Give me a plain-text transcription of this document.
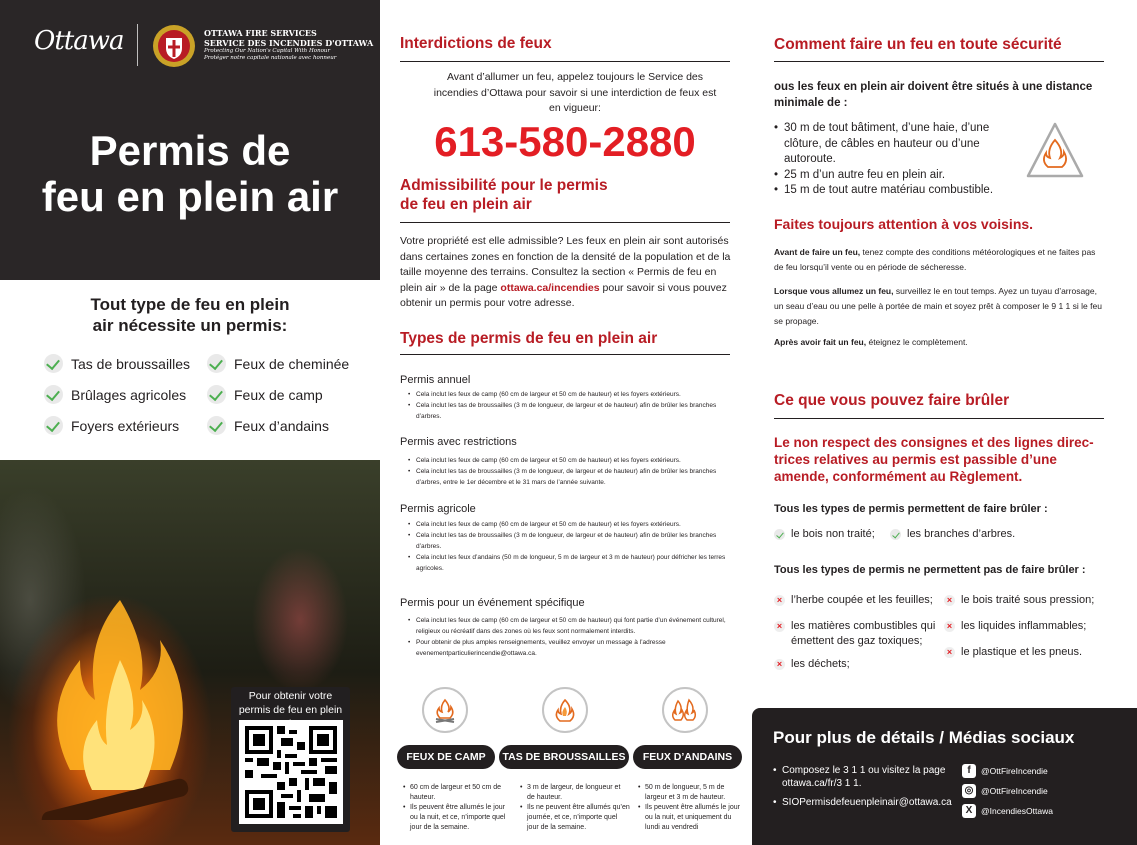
Ottawa	OTTAWA FIRE SERVICES
SERVICE DES INCENDIES D'OTTAWA
Protecting Our Nation's Capital With Honour
Protéger notre capitale nationale avec honneur
Permis de
feu en plein air
Tout type de feu en plein
air nécessite un permis:
Tas de broussailles
Brûlages agricoles
Foyers extérieurs
Feux de cheminée
Feux de camp
Feux d’andains
Pour obtenir votre permis de feu en plein
Interdictions de feux
Avant d’allumer un feu, appelez toujours le Service des incendies d’Ottawa pour savoir si une interdiction de feux est en vigueur:
613-580-2880
Admissibilité pour le permis
de feu en plein air
Votre propriété est elle admissible? Les feux en plein air sont autorisés dans certaines zones en fonction de la densité de la population et de la taille moyenne des terrains. Consultez la section « Permis de feu en plein air » de la page ottawa.ca/incendies pour savoir si vous pouvez obtenir un permis pour votre adresse.
Types de permis de feu en plein air
Permis annuel

• Cela inclut les feux de camp (60 cm de largeur et 50 cm de hauteur) et les foyers extérieurs.

• Cela inclut les tas de broussailles (3 m de longueur, de largeur et de hauteur) afin de brûler les branches d’arbres.

Permis avec restrictions

• Cela inclut les feux de camp (60 cm de largeur et 50 cm de hauteur) et les foyers extérieurs.

• Cela inclut les tas de broussailles (3 m de longueur, de largeur et de hauteur) afin de brûler les branches d’arbres, entre le 1er décembre et le 31 mars de l’année suivante.

Permis agricole

• Cela inclut les feux de camp (60 cm de largeur et 50 cm de hauteur) et les foyers extérieurs.

• Cela inclut les tas de broussailles (3 m de longueur, de largeur et de hauteur) afin de brûler les branches d’arbres.

• Cela inclut les feux d’andains (50 m de longueur, 5 m de largeur et 3 m de hauteur) pour défricher les terres agricoles.

Permis pour un événement spécifique

• Cela inclut les feux de camp (60 cm de largeur et 50 cm de hauteur) qui font partie d’un événement culturel, religieux ou récréatif dans des zones où les feux sont normalement interdits.

• Pour obtenir de plus amples renseignements, veuillez envoyer un message à l’adresse evenementparticulierincendie@ottawa.ca.

FEUX DE CAMP	TAS DE BROUSSAILLES	FEUX D’ANDAINS

• 60 cm de largeur et 50 cm de hauteur.

• Ils peuvent être allumés le jour ou la nuit, et ce, n’importe quel jour de la semaine.

• 3 m de largeur, de longueur et de hauteur.

• Ils ne peuvent être allumés qu’en journée, et ce, n’importe quel jour de la semaine.

• 50 m de longueur, 5 m de largeur et 3 m de hauteur.

• Ils peuvent être allumés le jour ou la nuit, et uniquement du lundi au vendredi

Comment faire un feu en toute sécurité
ous les feux en plein air doivent être situés à une distance minimale de :

• 30 m de tout bâtiment, d’une haie, d’une clôture, de câbles en hauteur ou d’une autoroute.

• 25 m d’un autre feu en plein air.

• 15 m de tout autre matériau combustible.

Faites toujours attention à vos voisins.
Avant de faire un feu, tenez compte des conditions météorologiques et ne faites pas de feu lorsqu’il vente ou en période de sécheresse.
Lorsque vous allumez un feu, surveillez le en tout temps. Ayez un tuyau d’arrosage, un seau d’eau ou une pelle à portée de main et soyez prêt à composer le 9 1 1 si le feu se propage.
Après avoir fait un feu, éteignez le complètement.
Ce que vous pouvez faire brûler
Le non respect des consignes et des lignes direc- trices relatives au permis est passible d’une amende, conformément au Règlement.
Tous les types de permis permettent de faire brûler :
le bois non traité;	les branches d’arbres.
Tous les types de permis ne permettent pas de faire brûler :
× l’herbe coupée et les feuilles;
× les matières combustibles qui émettent des gaz toxiques;
× les déchets;
× le bois traité sous pression;
× les liquides inflammables;
× le plastique et les pneus.
Pour plus de détails / Médias sociaux

• Composez le 3 1 1 ou visitez la page ottawa.ca/fr/3 1 1.

• SIOPermisdefeuenpleinair@ottawa.ca

f	@OttFireIncendie
◎ @OttFireIncendie
X	@IncendiesOttawa
